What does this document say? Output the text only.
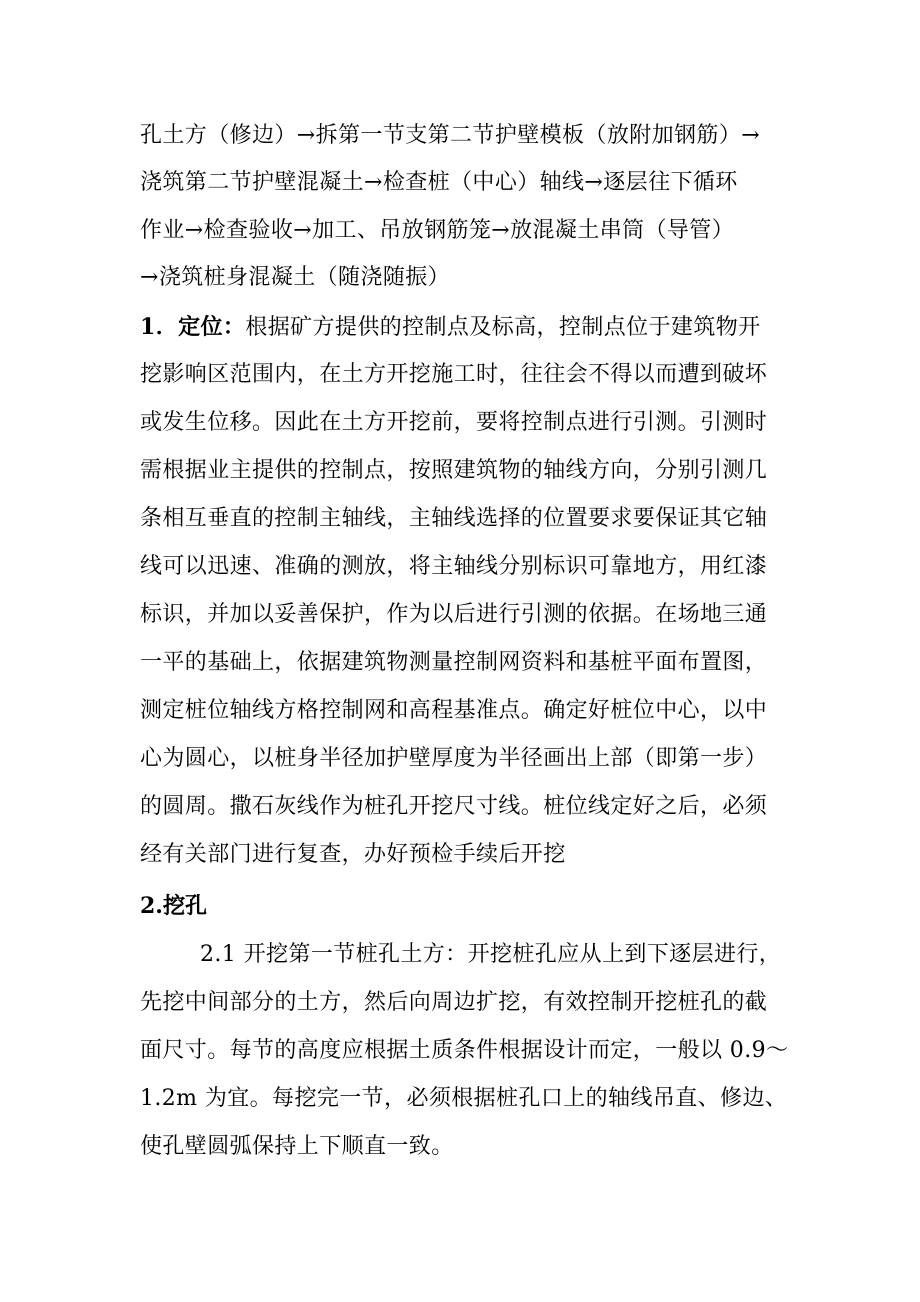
孔土方（修边）→拆第一节支第二节护壁模板（放附加钢筋）→
浇筑第二节护壁混凝土→检查桩（中心）轴线→逐层往下循环
作业→检查验收→加工、吊放钢筋笼→放混凝土串筒（导管）
→浇筑桩身混凝土（随浇随振）
1．定位：根据矿方提供的控制点及标高，控制点位于建筑物开
挖影响区范围内，在土方开挖施工时，往往会不得以而遭到破坏
或发生位移。因此在土方开挖前，要将控制点进行引测。引测时
需根据业主提供的控制点，按照建筑物的轴线方向，分别引测几
条相互垂直的控制主轴线，主轴线选择的位置要求要保证其它轴
线可以迅速、准确的测放，将主轴线分别标识可靠地方，用红漆
标识，并加以妥善保护，作为以后进行引测的依据。在场地三通
一平的基础上，依据建筑物测量控制网资料和基桩平面布置图，
测定桩位轴线方格控制网和高程基准点。确定好桩位中心，以中
心为圆心，以桩身半径加护壁厚度为半径画出上部（即第一步）
的圆周。撒石灰线作为桩孔开挖尺寸线。桩位线定好之后，必须
经有关部门进行复查，办好预检手续后开挖
2.挖孔
2.1 开挖第一节桩孔土方：开挖桩孔应从上到下逐层进行，
先挖中间部分的土方，然后向周边扩挖，有效控制开挖桩孔的截
面尺寸。每节的高度应根据土质条件根据设计而定，一般以 0.9～
1.2m 为宜。每挖完一节，必须根据桩孔口上的轴线吊直、修边、
使孔壁圆弧保持上下顺直一致。
